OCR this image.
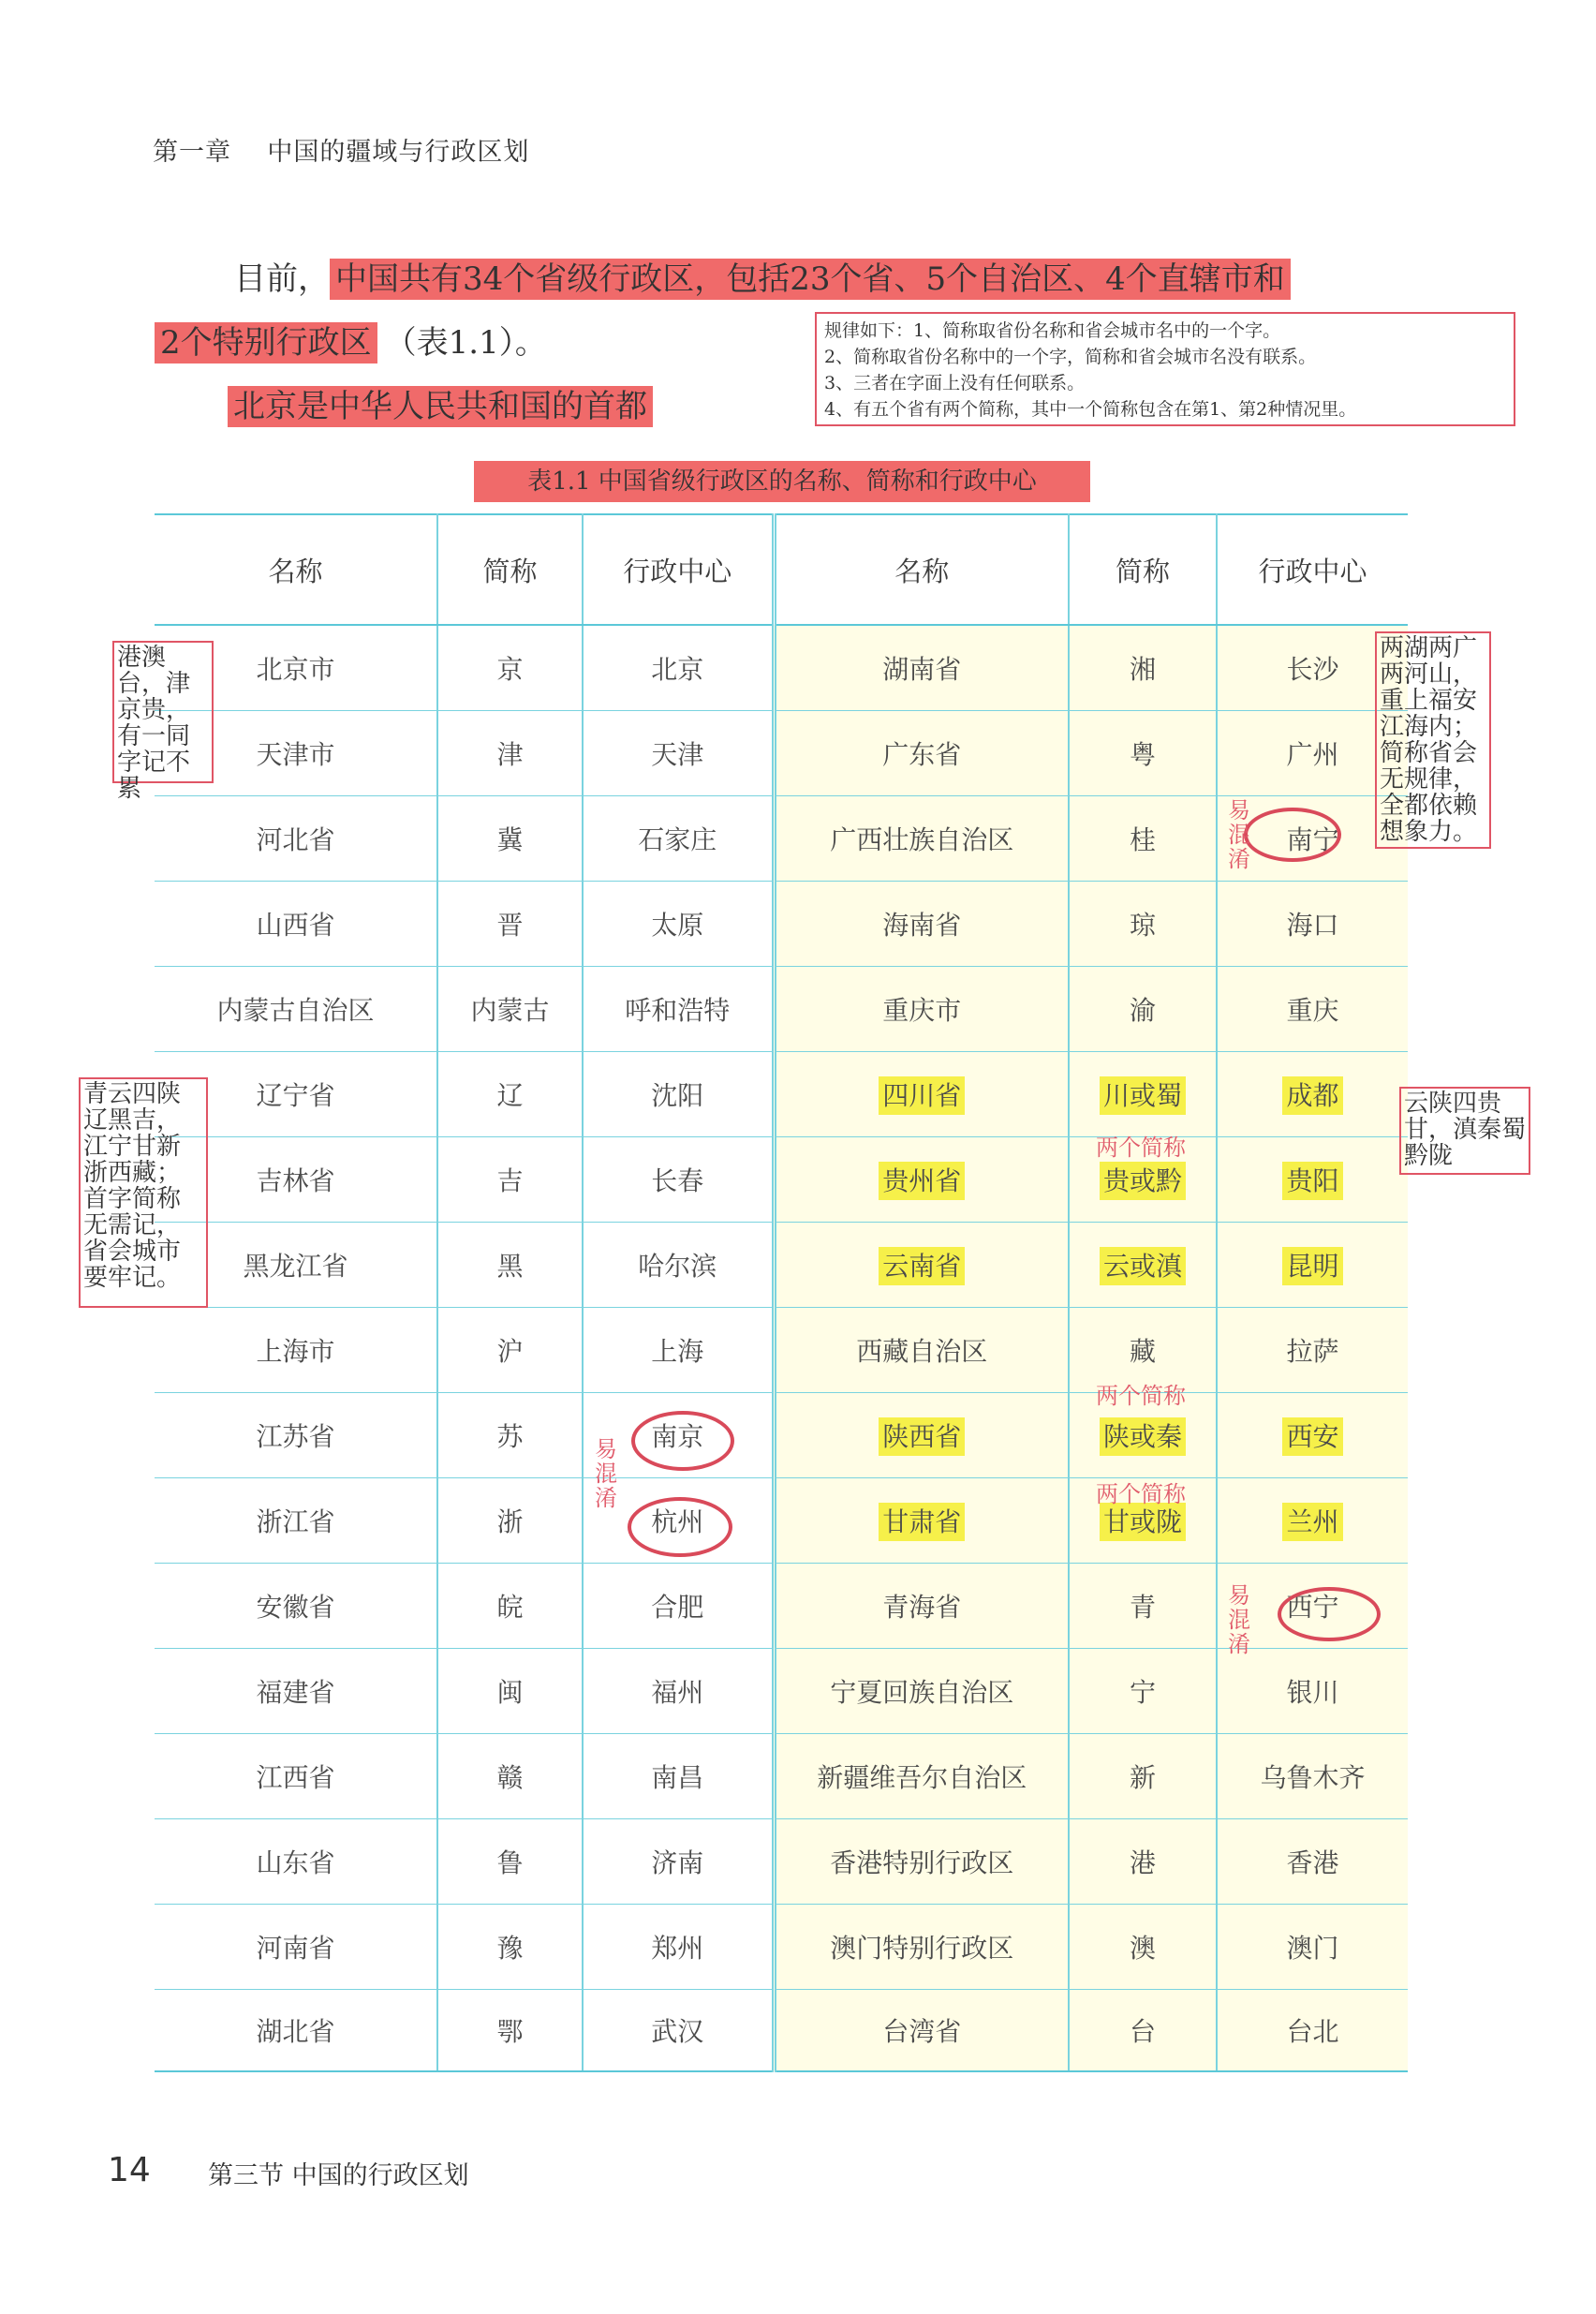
第一章 中国的疆域与行政区划
目前， 中国共有34个省级行政区，包括23个省、5个自治区、4个直辖市和
2个特别行政区 （表1.1）。
北京是中华人民共和国的首都
规律如下：1、简称取省份名称和省会城市名中的一个字。
2、简称取省份名称中的一个字，简称和省会城市名没有联系。
3、三者在字面上没有任何联系。
4、有五个省有两个简称，其中一个简称包含在第1、第2种情况里。
表1.1 中国省级行政区的名称、简称和行政中心
名称	简称	行政中心	名称	简称	行政中心
北京市	京	北京	湖南省	湘	长沙
天津市	津	天津	广东省	粤	广州
河北省	冀	石家庄	广西壮族自治区	桂	南宁
山西省	晋	太原	海南省	琼	海口
内蒙古自治区	内蒙古	呼和浩特	重庆市	渝	重庆
辽宁省	辽	沈阳	四川省	川或蜀	成都
吉林省	吉	长春	贵州省	贵或黔	贵阳
黑龙江省	黑	哈尔滨	云南省	云或滇	昆明
上海市	沪	上海	西藏自治区	藏	拉萨
江苏省	苏	南京	陕西省	陕或秦	西安
浙江省	浙	杭州	甘肃省	甘或陇	兰州
安徽省	皖	合肥	青海省	青	西宁
福建省	闽	福州	宁夏回族自治区	宁	银川
江西省	赣	南昌	新疆维吾尔自治区	新	乌鲁木齐
山东省	鲁	济南	香港特别行政区	港	香港
河南省	豫	郑州	澳门特别行政区	澳	澳门
湖北省	鄂	武汉	台湾省	台	台北
易混淆
易混淆
易混淆
两个简称
两个简称
两个简称
港澳台，津京贵，有一同字记不累
青云四陕辽黑吉，江宁甘新浙西藏；首字简称无需记，省会城市要牢记。
两湖两广两河山，重上福安江海内；简称省会无规律，全都依赖想象力。
云陕四贵甘，滇秦蜀黔陇
14 第三节 中国的行政区划
